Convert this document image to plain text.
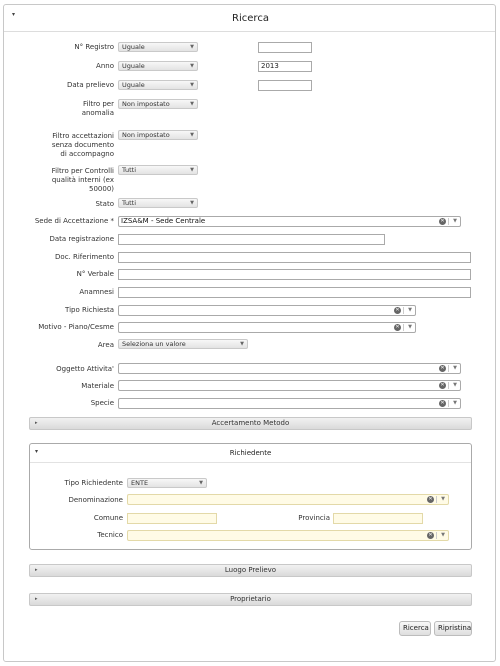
▾	Ricerca
N° Registro	Uguale	▼
Anno	Uguale	▼	2013
Data prelievo	Uguale	▼
Filtro per
anomalia
Non impostato	▼
Filtro accettazioni
senza documento
di accompagno
Non impostato	▼
Filtro per Controlli
qualità interni (ex
50000)
Tutti	▼
Stato	Tutti	▼
Sede di Accettazione *	IZSA&M - Sede Centrale	✕ ▼
Data registrazione
Doc. Riferimento
N° Verbale
Anamnesi
Tipo Richiesta	✕ ▼
Motivo - Piano/Cesme	✕ ▼
Area	Seleziona un valore	▼
Oggetto Attivita'	✕ ▼
Materiale	✕ ▼
Specie	✕ ▼
▸	Accertamento Metodo
▾	Richiedente
Tipo Richiedente	ENTE	▼
Denominazione	✕ ▼
Comune	Provincia
Tecnico	✕ ▼
▸	Luogo Prelievo
▸	Proprietario
Ricerca	Ripristina
